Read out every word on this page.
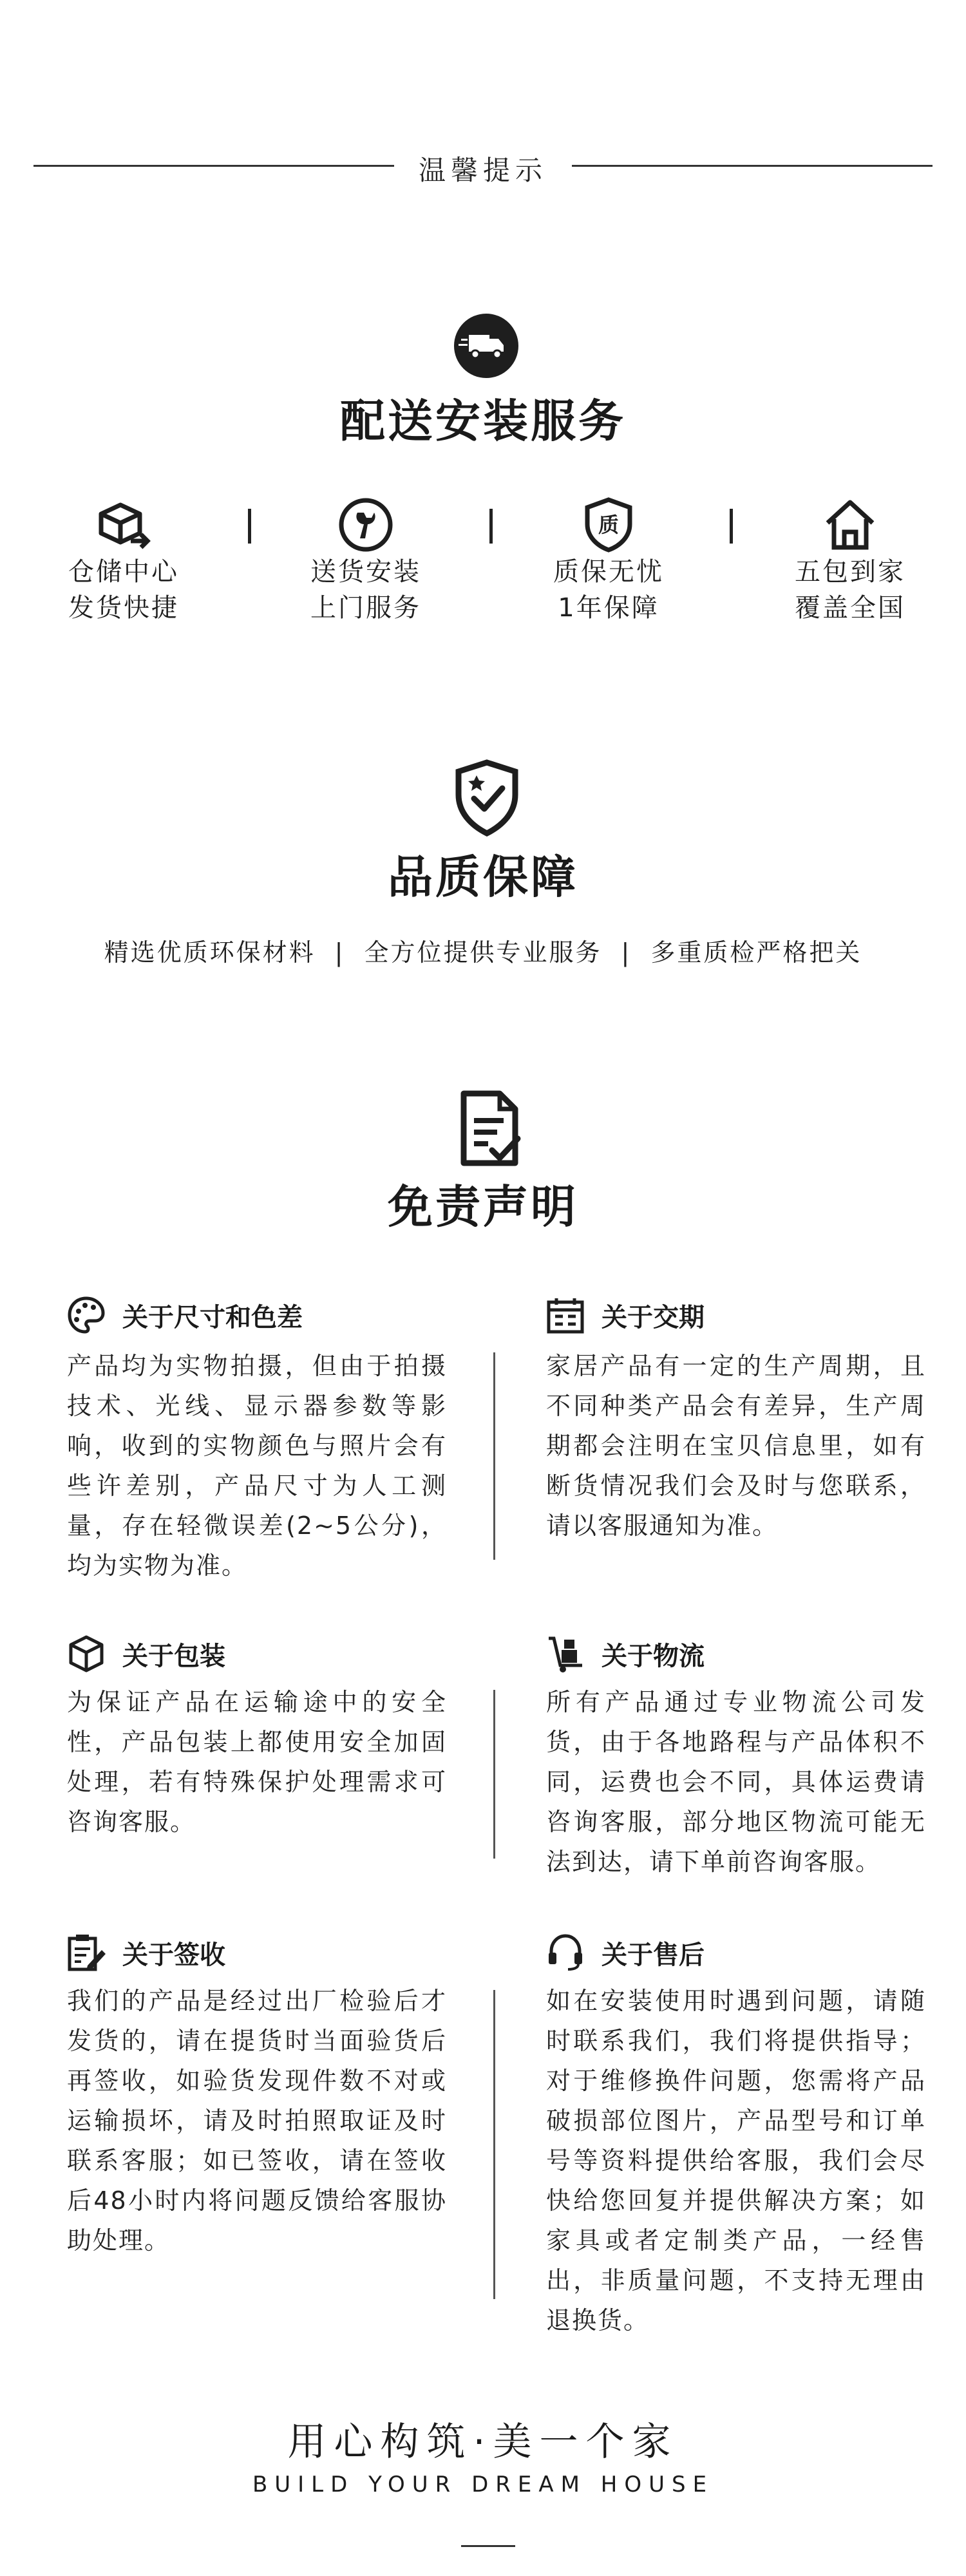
温馨提示
配送安装服务
仓储中心
发货快捷
送货安装
上门服务
质
质保无忧
1年保障
五包到家
覆盖全国
品质保障
精选优质环保材料 | 全方位提供专业服务 | 多重质检严格把关
免责声明
关于尺寸和色差
产品均为实物拍摄，但由于拍摄技术、光线、显示器参数等影响，收到的实物颜色与照片会有些许差别，产品尺寸为人工测量，存在轻微误差(2~5公分)，均为实物为准。
关于交期
家居产品有一定的生产周期，且不同种类产品会有差异，生产周期都会注明在宝贝信息里，如有断货情况我们会及时与您联系，请以客服通知为准。
关于包装
为保证产品在运输途中的安全性，产品包装上都使用安全加固处理，若有特殊保护处理需求可咨询客服。
关于物流
所有产品通过专业物流公司发货，由于各地路程与产品体积不同，运费也会不同，具体运费请咨询客服，部分地区物流可能无法到达，请下单前咨询客服。
关于签收
我们的产品是经过出厂检验后才发货的，请在提货时当面验货后再签收，如验货发现件数不对或运输损坏，请及时拍照取证及时联系客服；如已签收，请在签收后48小时内将问题反馈给客服协助处理。
关于售后
如在安装使用时遇到问题，请随时联系我们，我们将提供指导；对于维修换件问题，您需将产品破损部位图片，产品型号和订单号等资料提供给客服，我们会尽快给您回复并提供解决方案；如家具或者定制类产品，一经售出，非质量问题，不支持无理由退换货。
用心构筑·美一个家
BUILD YOUR DREAM HOUSE
